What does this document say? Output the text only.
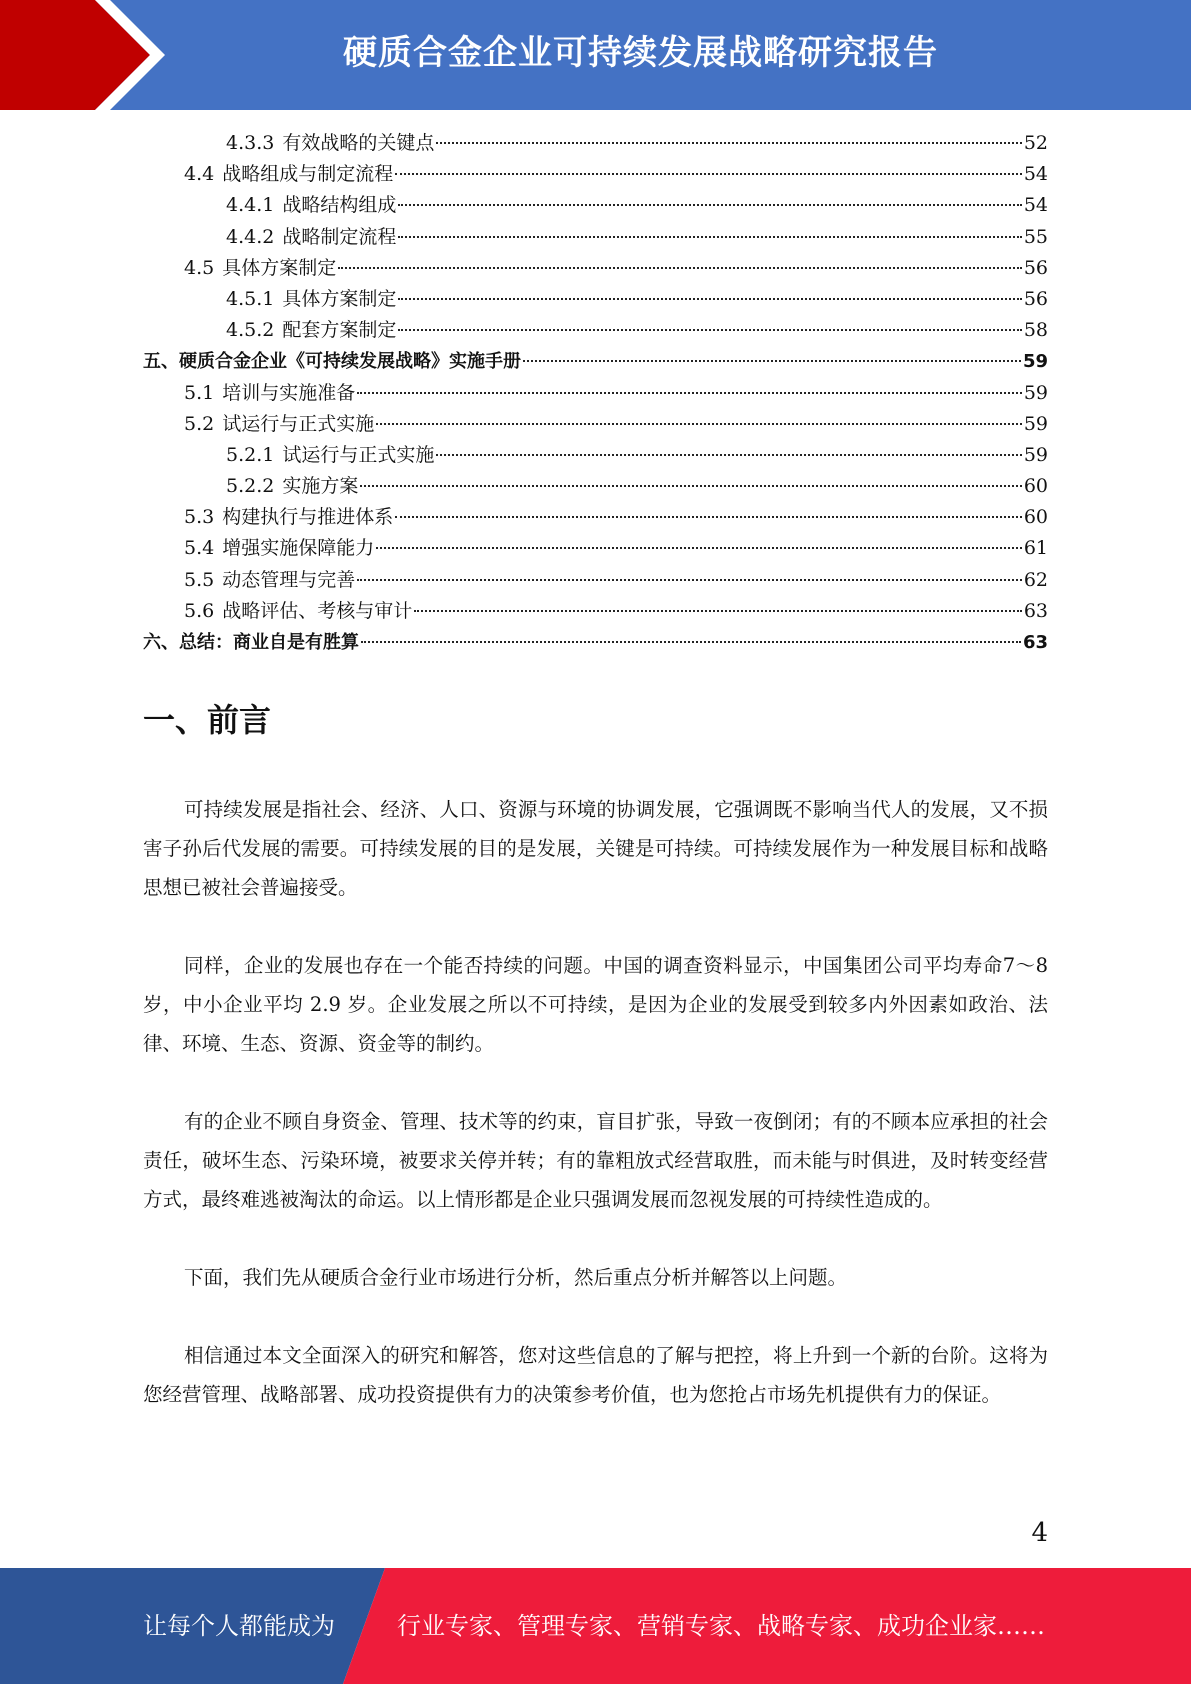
硬质合金企业可持续发展战略研究报告
4.3.3 有效战略的关键点	52
4.4 战略组成与制定流程	54
4.4.1 战略结构组成	54
4.4.2 战略制定流程	55
4.5 具体方案制定	56
4.5.1 具体方案制定	56
4.5.2 配套方案制定	58
五、硬质合金企业《可持续发展战略》实施手册	59
5.1 培训与实施准备	59
5.2 试运行与正式实施	59
5.2.1 试运行与正式实施	59
5.2.2 实施方案	60
5.3 构建执行与推进体系	60
5.4 增强实施保障能力	61
5.5 动态管理与完善	62
5.6 战略评估、考核与审计	63
六、总结：商业自是有胜算	63
一、前言

可持续发展是指社会、经济、人口、资源与环境的协调发展，它强调既不影响当代人的发展，又不损害子孙后代发展的需要。可持续发展的目的是发展，关键是可持续。可持续发展作为一种发展目标和战略思想已被社会普遍接受。

同样，企业的发展也存在一个能否持续的问题。中国的调查资料显示，中国集团公司平均寿命7～8 岁，中小企业平均 2.9 岁。企业发展之所以不可持续，是因为企业的发展受到较多内外因素如政治、法律、环境、生态、资源、资金等的制约。

有的企业不顾自身资金、管理、技术等的约束，盲目扩张，导致一夜倒闭；有的不顾本应承担的社会责任，破坏生态、污染环境，被要求关停并转；有的靠粗放式经营取胜，而未能与时俱进，及时转变经营方式，最终难逃被淘汰的命运。以上情形都是企业只强调发展而忽视发展的可持续性造成的。

下面，我们先从硬质合金行业市场进行分析，然后重点分析并解答以上问题。

相信通过本文全面深入的研究和解答，您对这些信息的了解与把控，将上升到一个新的台阶。这将为您经营管理、战略部署、成功投资提供有力的决策参考价值，也为您抢占市场先机提供有力的保证。

4
让每个人都能成为	行业专家、管理专家、营销专家、战略专家、成功企业家……
